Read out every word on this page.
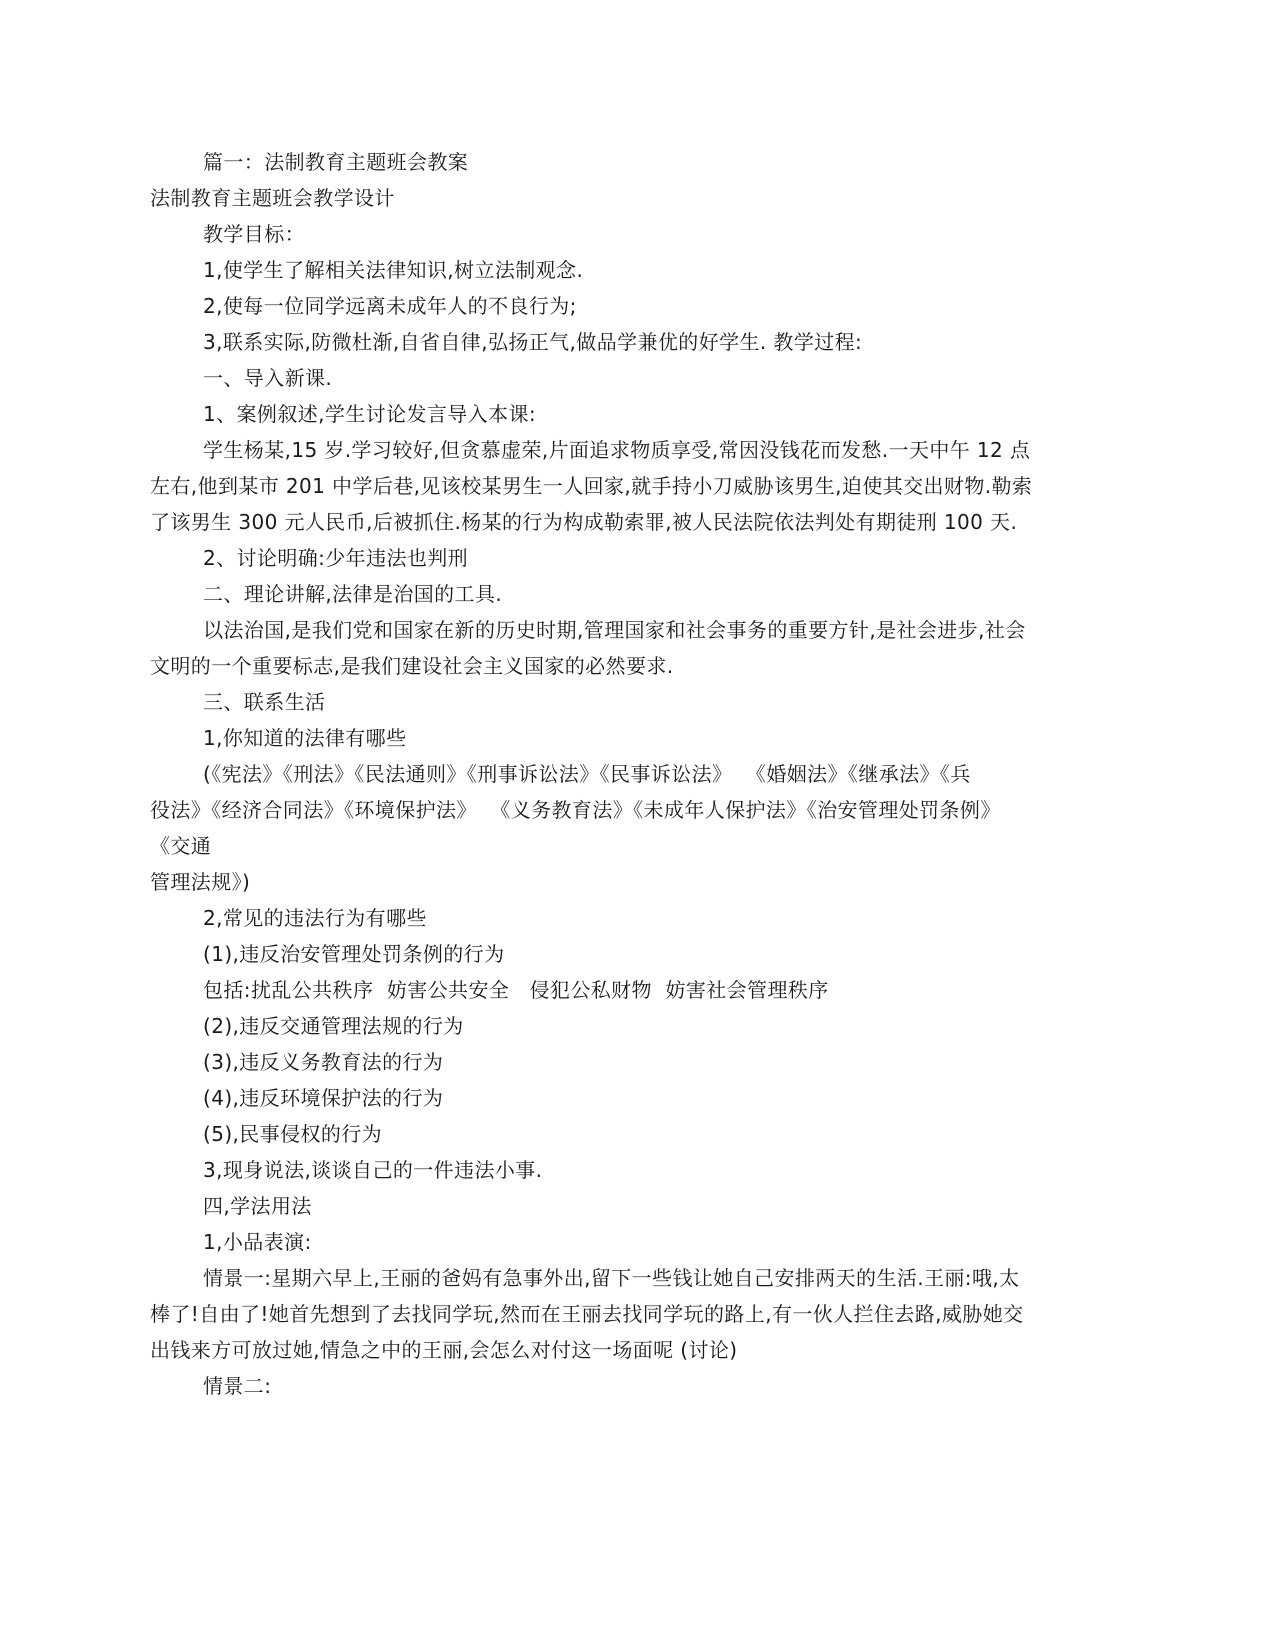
篇一：法制教育主题班会教案
法制教育主题班会教学设计
教学目标：
1,使学生了解相关法律知识,树立法制观念.
2,使每一位同学远离未成年人的不良行为;
3,联系实际,防微杜渐,自省自律,弘扬正气,做品学兼优的好学生. 教学过程:
一、导入新课.
1、案例叙述,学生讨论发言导入本课:
学生杨某,15 岁.学习较好,但贪慕虚荣,片面追求物质享受,常因没钱花而发愁.一天中午 12 点
左右,他到某市 201 中学后巷,见该校某男生一人回家,就手持小刀威胁该男生,迫使其交出财物.勒索
了该男生 300 元人民币,后被抓住.杨某的行为构成勒索罪,被人民法院依法判处有期徒刑 100 天.
2、讨论明确:少年违法也判刑
二、理论讲解,法律是治国的工具.
以法治国,是我们党和国家在新的历史时期,管理国家和社会事务的重要方针,是社会进步,社会
文明的一个重要标志,是我们建设社会主义国家的必然要求.
三、联系生活
1,你知道的法律有哪些
(《宪法》《刑法》《民法通则》《刑事诉讼法》《民事诉讼法》  《婚姻法》《继承法》《兵
役法》《经济合同法》《环境保护法》  《义务教育法》《未成年人保护法》《治安管理处罚条例》
《交通
管理法规》)
2,常见的违法行为有哪些
(1),违反治安管理处罚条例的行为
包括:扰乱公共秩序  妨害公共安全   侵犯公私财物  妨害社会管理秩序
(2),违反交通管理法规的行为
(3),违反义务教育法的行为
(4),违反环境保护法的行为
(5),民事侵权的行为
3,现身说法,谈谈自己的一件违法小事.
四,学法用法
1,小品表演:
情景一:星期六早上,王丽的爸妈有急事外出,留下一些钱让她自己安排两天的生活.王丽:哦,太
棒了!自由了!她首先想到了去找同学玩,然而在王丽去找同学玩的路上,有一伙人拦住去路,威胁她交
出钱来方可放过她,情急之中的王丽,会怎么对付这一场面呢 (讨论)
情景二:
